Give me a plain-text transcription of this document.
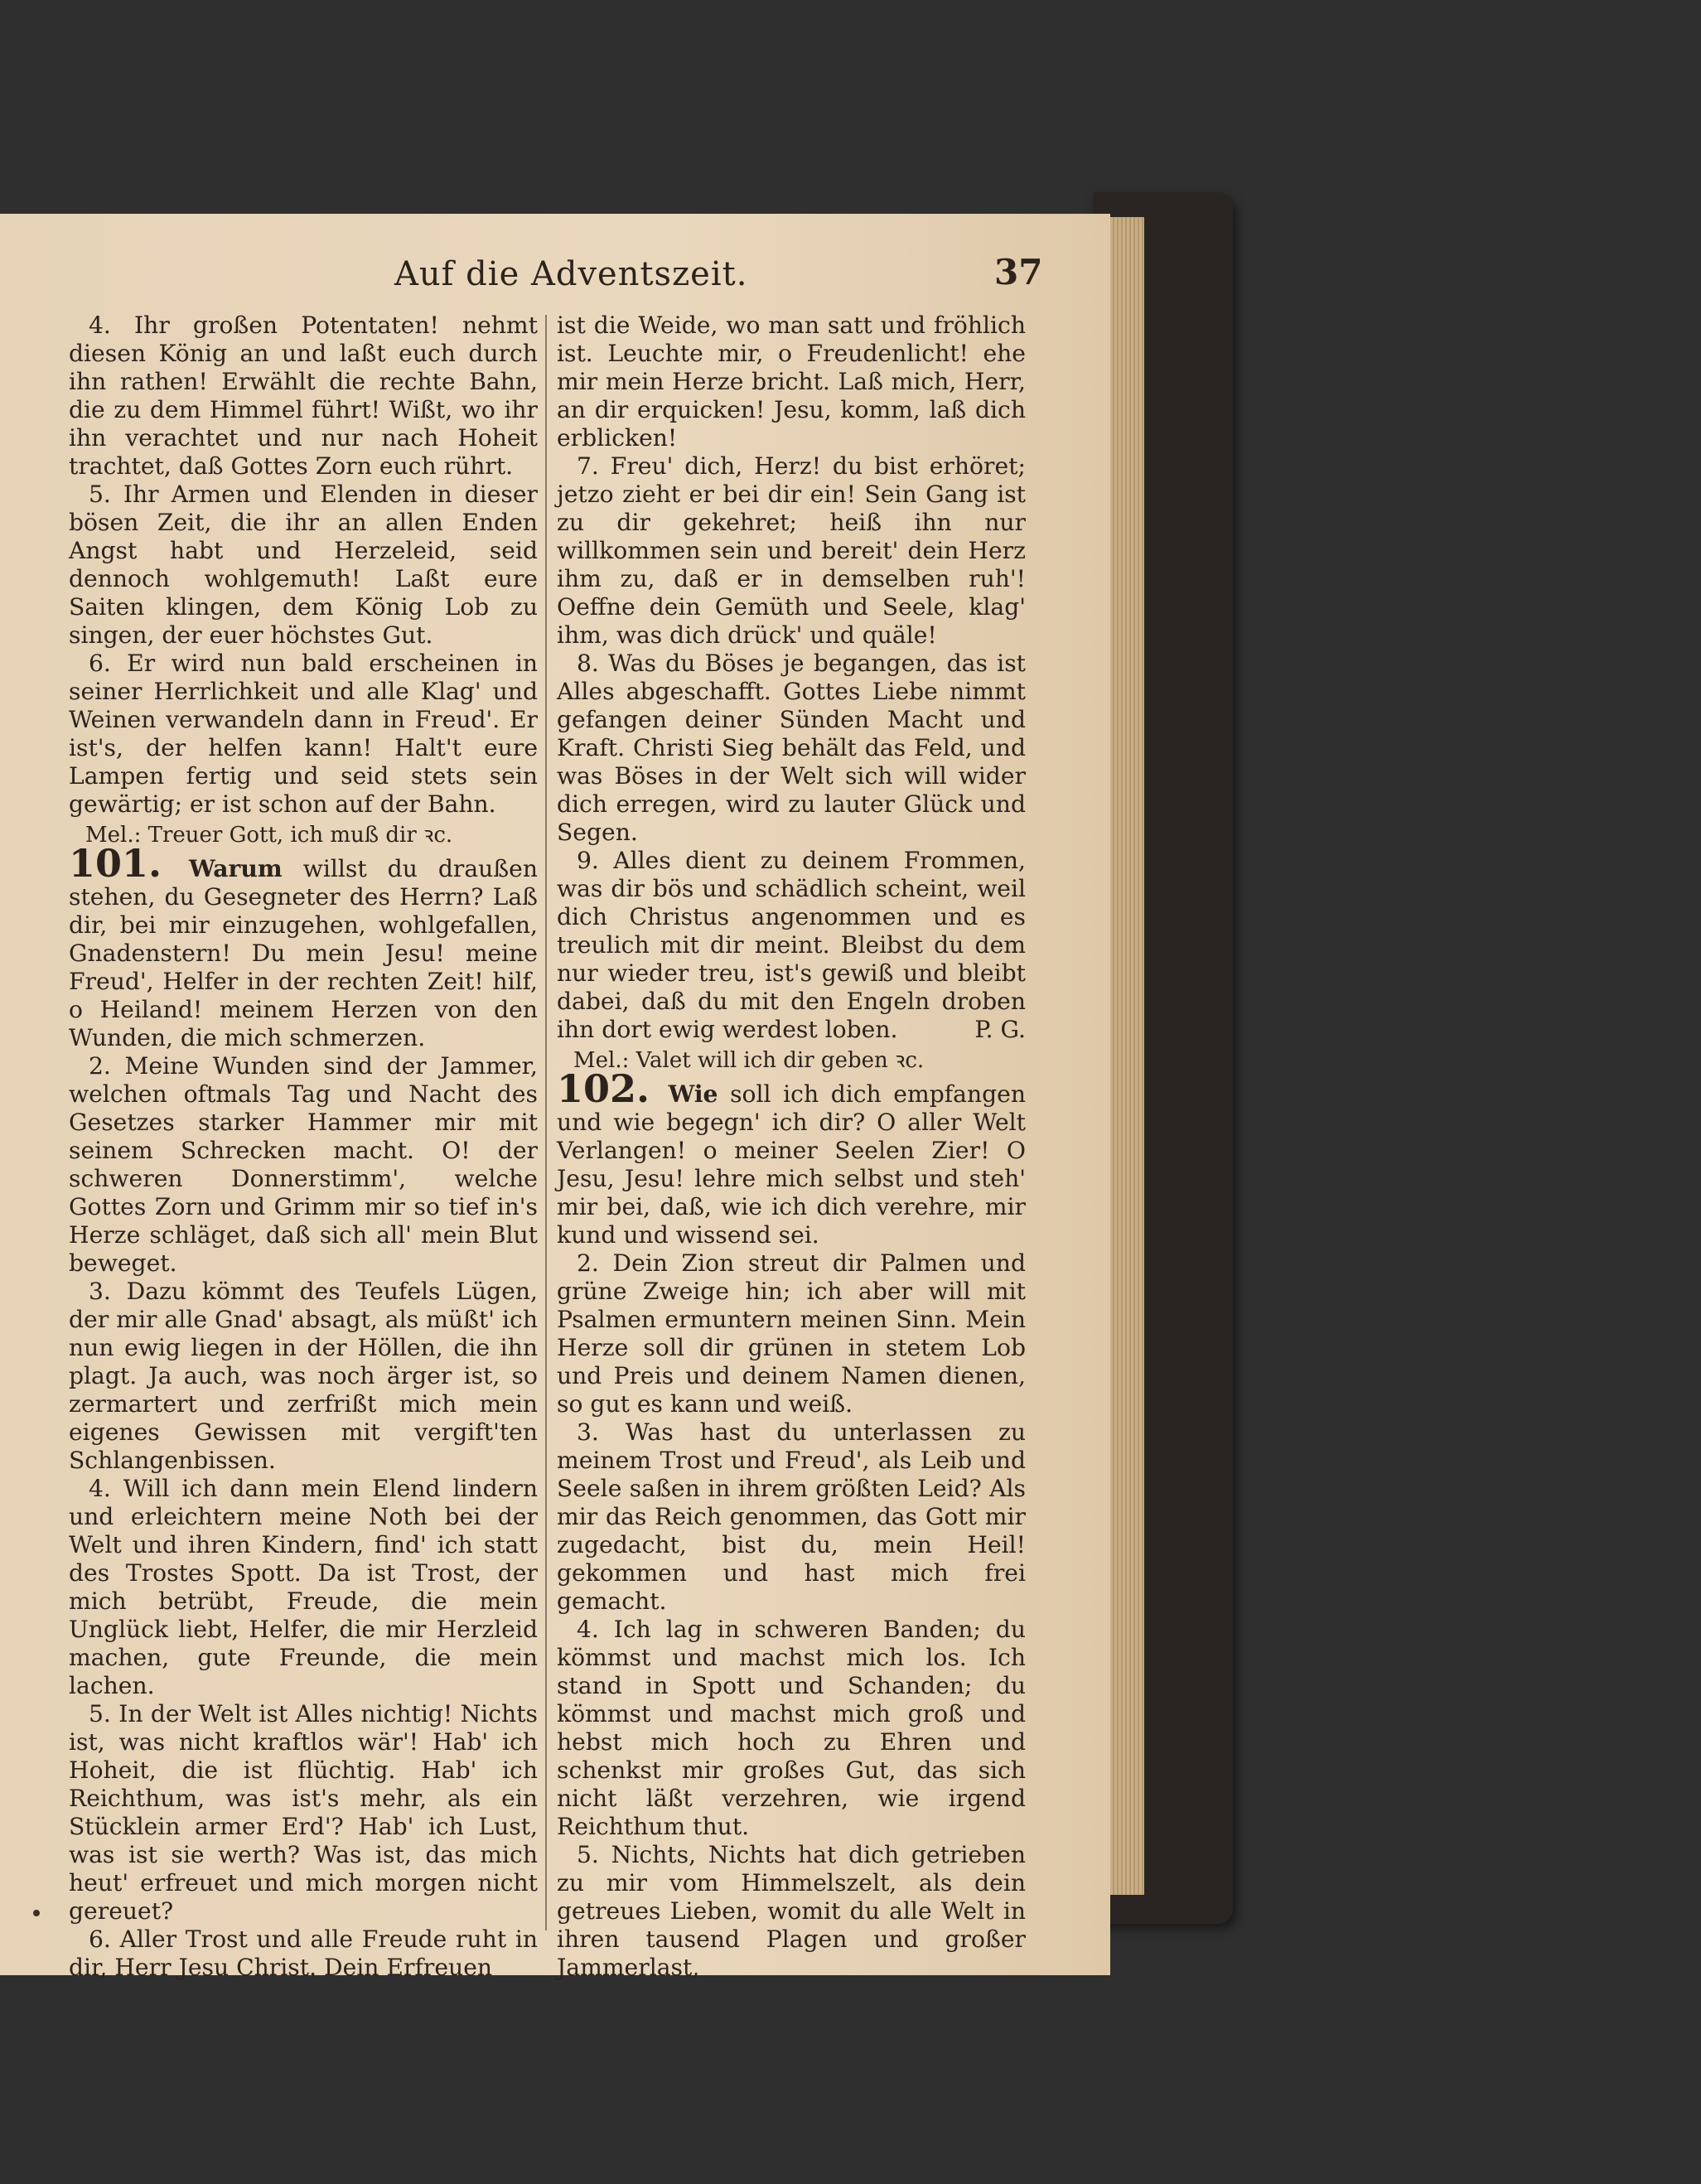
Auf die Adventszeit.	37

4. Ihr großen Potentaten! nehmt diesen König an und laßt euch durch ihn rathen! Erwählt die rechte Bahn, die zu dem Himmel führt! Wißt, wo ihr ihn verachtet und nur nach Hoheit trachtet, daß Gottes Zorn euch rührt.

5. Ihr Armen und Elenden in dieser bösen Zeit, die ihr an allen Enden Angst habt und Herzeleid, seid dennoch wohlgemuth! Laßt eure Saiten klingen, dem König Lob zu singen, der euer höchstes Gut.

6. Er wird nun bald erscheinen in seiner Herrlichkeit und alle Klag' und Weinen verwandeln dann in Freud'. Er ist's, der helfen kann! Halt't eure Lampen fertig und seid stets sein gewärtig; er ist schon auf der Bahn.

Mel.: Treuer Gott, ich muß dir ꝛc.

101. Warum willst du draußen stehen, du Gesegneter des Herrn? Laß dir, bei mir einzugehen, wohlgefallen, Gnadenstern! Du mein Jesu! meine Freud', Helfer in der rechten Zeit! hilf, o Heiland! meinem Herzen von den Wunden, die mich schmerzen.

2. Meine Wunden sind der Jammer, welchen oftmals Tag und Nacht des Gesetzes starker Hammer mir mit seinem Schrecken macht. O! der schweren Donnerstimm', welche Gottes Zorn und Grimm mir so tief in's Herze schläget, daß sich all' mein Blut beweget.

3. Dazu kömmt des Teufels Lügen, der mir alle Gnad' absagt, als müßt' ich nun ewig liegen in der Höllen, die ihn plagt. Ja auch, was noch ärger ist, so zermartert und zerfrißt mich mein eigenes Gewissen mit vergift'ten Schlangenbissen.

4. Will ich dann mein Elend lindern und erleichtern meine Noth bei der Welt und ihren Kindern, find' ich statt des Trostes Spott. Da ist Trost, der mich betrübt, Freude, die mein Unglück liebt, Helfer, die mir Herzleid machen, gute Freunde, die mein lachen.

5. In der Welt ist Alles nichtig! Nichts ist, was nicht kraftlos wär'! Hab' ich Hoheit, die ist flüchtig. Hab' ich Reichthum, was ist's mehr, als ein Stücklein armer Erd'? Hab' ich Lust, was ist sie werth? Was ist, das mich heut' erfreuet und mich morgen nicht gereuet?

6. Aller Trost und alle Freude ruht in dir, Herr Jesu Christ. Dein Erfreuen

ist die Weide, wo man satt und fröhlich ist. Leuchte mir, o Freudenlicht! ehe mir mein Herze bricht. Laß mich, Herr, an dir erquicken! Jesu, komm, laß dich erblicken!

7. Freu' dich, Herz! du bist erhöret; jetzo zieht er bei dir ein! Sein Gang ist zu dir gekehret; heiß ihn nur willkommen sein und bereit' dein Herz ihm zu, daß er in demselben ruh'! Oeffne dein Gemüth und Seele, klag' ihm, was dich drück' und quäle!

8. Was du Böses je begangen, das ist Alles abgeschafft. Gottes Liebe nimmt gefangen deiner Sünden Macht und Kraft. Christi Sieg behält das Feld, und was Böses in der Welt sich will wider dich erregen, wird zu lauter Glück und Segen.

9. Alles dient zu deinem Frommen, was dir bös und schädlich scheint, weil dich Christus angenommen und es treulich mit dir meint. Bleibst du dem nur wieder treu, ist's gewiß und bleibt dabei, daß du mit den Engeln droben ihn dort ewig werdest loben.	P. G.

Mel.: Valet will ich dir geben ꝛc.

102. Wie soll ich dich empfangen und wie begegn' ich dir? O aller Welt Verlangen! o meiner Seelen Zier! O Jesu, Jesu! lehre mich selbst und steh' mir bei, daß, wie ich dich verehre, mir kund und wissend sei.

2. Dein Zion streut dir Palmen und grüne Zweige hin; ich aber will mit Psalmen ermuntern meinen Sinn. Mein Herze soll dir grünen in stetem Lob und Preis und deinem Namen dienen, so gut es kann und weiß.

3. Was hast du unterlassen zu meinem Trost und Freud', als Leib und Seele saßen in ihrem größten Leid? Als mir das Reich genommen, das Gott mir zugedacht, bist du, mein Heil! gekommen und hast mich frei gemacht.

4. Ich lag in schweren Banden; du kömmst und machst mich los. Ich stand in Spott und Schanden; du kömmst und machst mich groß und hebst mich hoch zu Ehren und schenkst mir großes Gut, das sich nicht läßt verzehren, wie irgend Reichthum thut.

5. Nichts, Nichts hat dich getrieben zu mir vom Himmelszelt, als dein getreues Lieben, womit du alle Welt in ihren tausend Plagen und großer Jammerlast,
